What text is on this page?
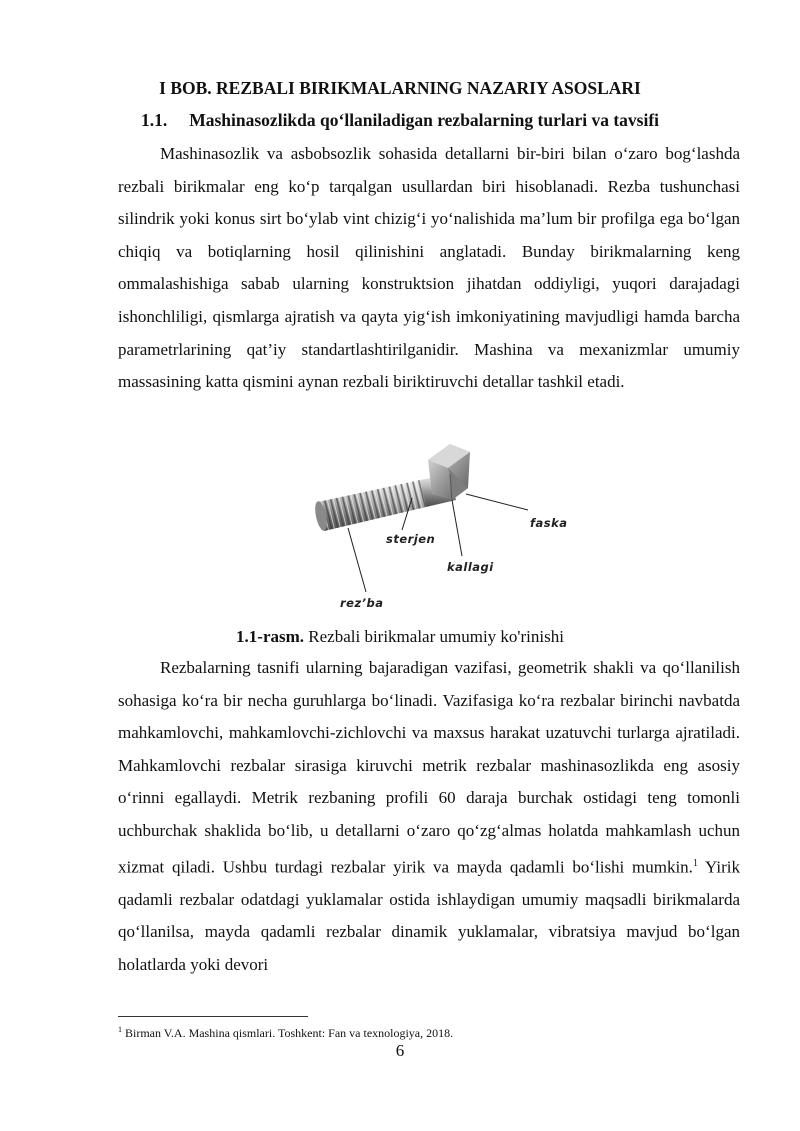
I BOB. REZBALI BIRIKMALARNING NAZARIY ASOSLARI
1.1. Mashinasozlikda qo‘llaniladigan rezbalarning turlari va tavsifi

Mashinasozlik va asbobsozlik sohasida detallarni bir-biri bilan o‘zaro bog‘lashda rezbali birikmalar eng ko‘p tarqalgan usullardan biri hisoblanadi. Rezba tushunchasi silindrik yoki konus sirt bo‘ylab vint chizig‘i yo‘nalishida ma’lum bir profilga ega bo‘lgan chiqiq va botiqlarning hosil qilinishini anglatadi. Bunday birikmalarning keng ommalashishiga sabab ularning konstruktsion jihatdan oddiyligi, yuqori darajadagi ishonchliligi, qismlarga ajratish va qayta yig‘ish imkoniyatining mavjudligi hamda barcha parametrlarining qat’iy standartlashtirilganidir. Mashina va mexanizmlar umumiy massasining katta qismini aynan rezbali biriktiruvchi detallar tashkil etadi.

faska
sterjen
kallagi
rez’ba
1.1-rasm. Rezbali birikmalar umumiy ko'rinishi

Rezbalarning tasnifi ularning bajaradigan vazifasi, geometrik shakli va qo‘llanilish sohasiga ko‘ra bir necha guruhlarga bo‘linadi. Vazifasiga ko‘ra rezbalar birinchi navbatda mahkamlovchi, mahkamlovchi-zichlovchi va maxsus harakat uzatuvchi turlarga ajratiladi. Mahkamlovchi rezbalar sirasiga kiruvchi metrik rezbalar mashinasozlikda eng asosiy o‘rinni egallaydi. Metrik rezbaning profili 60 daraja burchak ostidagi teng tomonli uchburchak shaklida bo‘lib, u detallarni o‘zaro qo‘zg‘almas holatda mahkamlash uchun xizmat qiladi. Ushbu turdagi rezbalar yirik va mayda qadamli bo‘lishi mumkin.$^1$ Yirik qadamli rezbalar odatdagi yuklamalar ostida ishlaydigan umumiy maqsadli birikmalarda qo‘llanilsa, mayda qadamli rezbalar dinamik yuklamalar, vibratsiya mavjud bo‘lgan holatlarda yoki devori

$^1$ Birman V.A. Mashina qismlari. Toshkent: Fan va texnologiya, 2018.
6
